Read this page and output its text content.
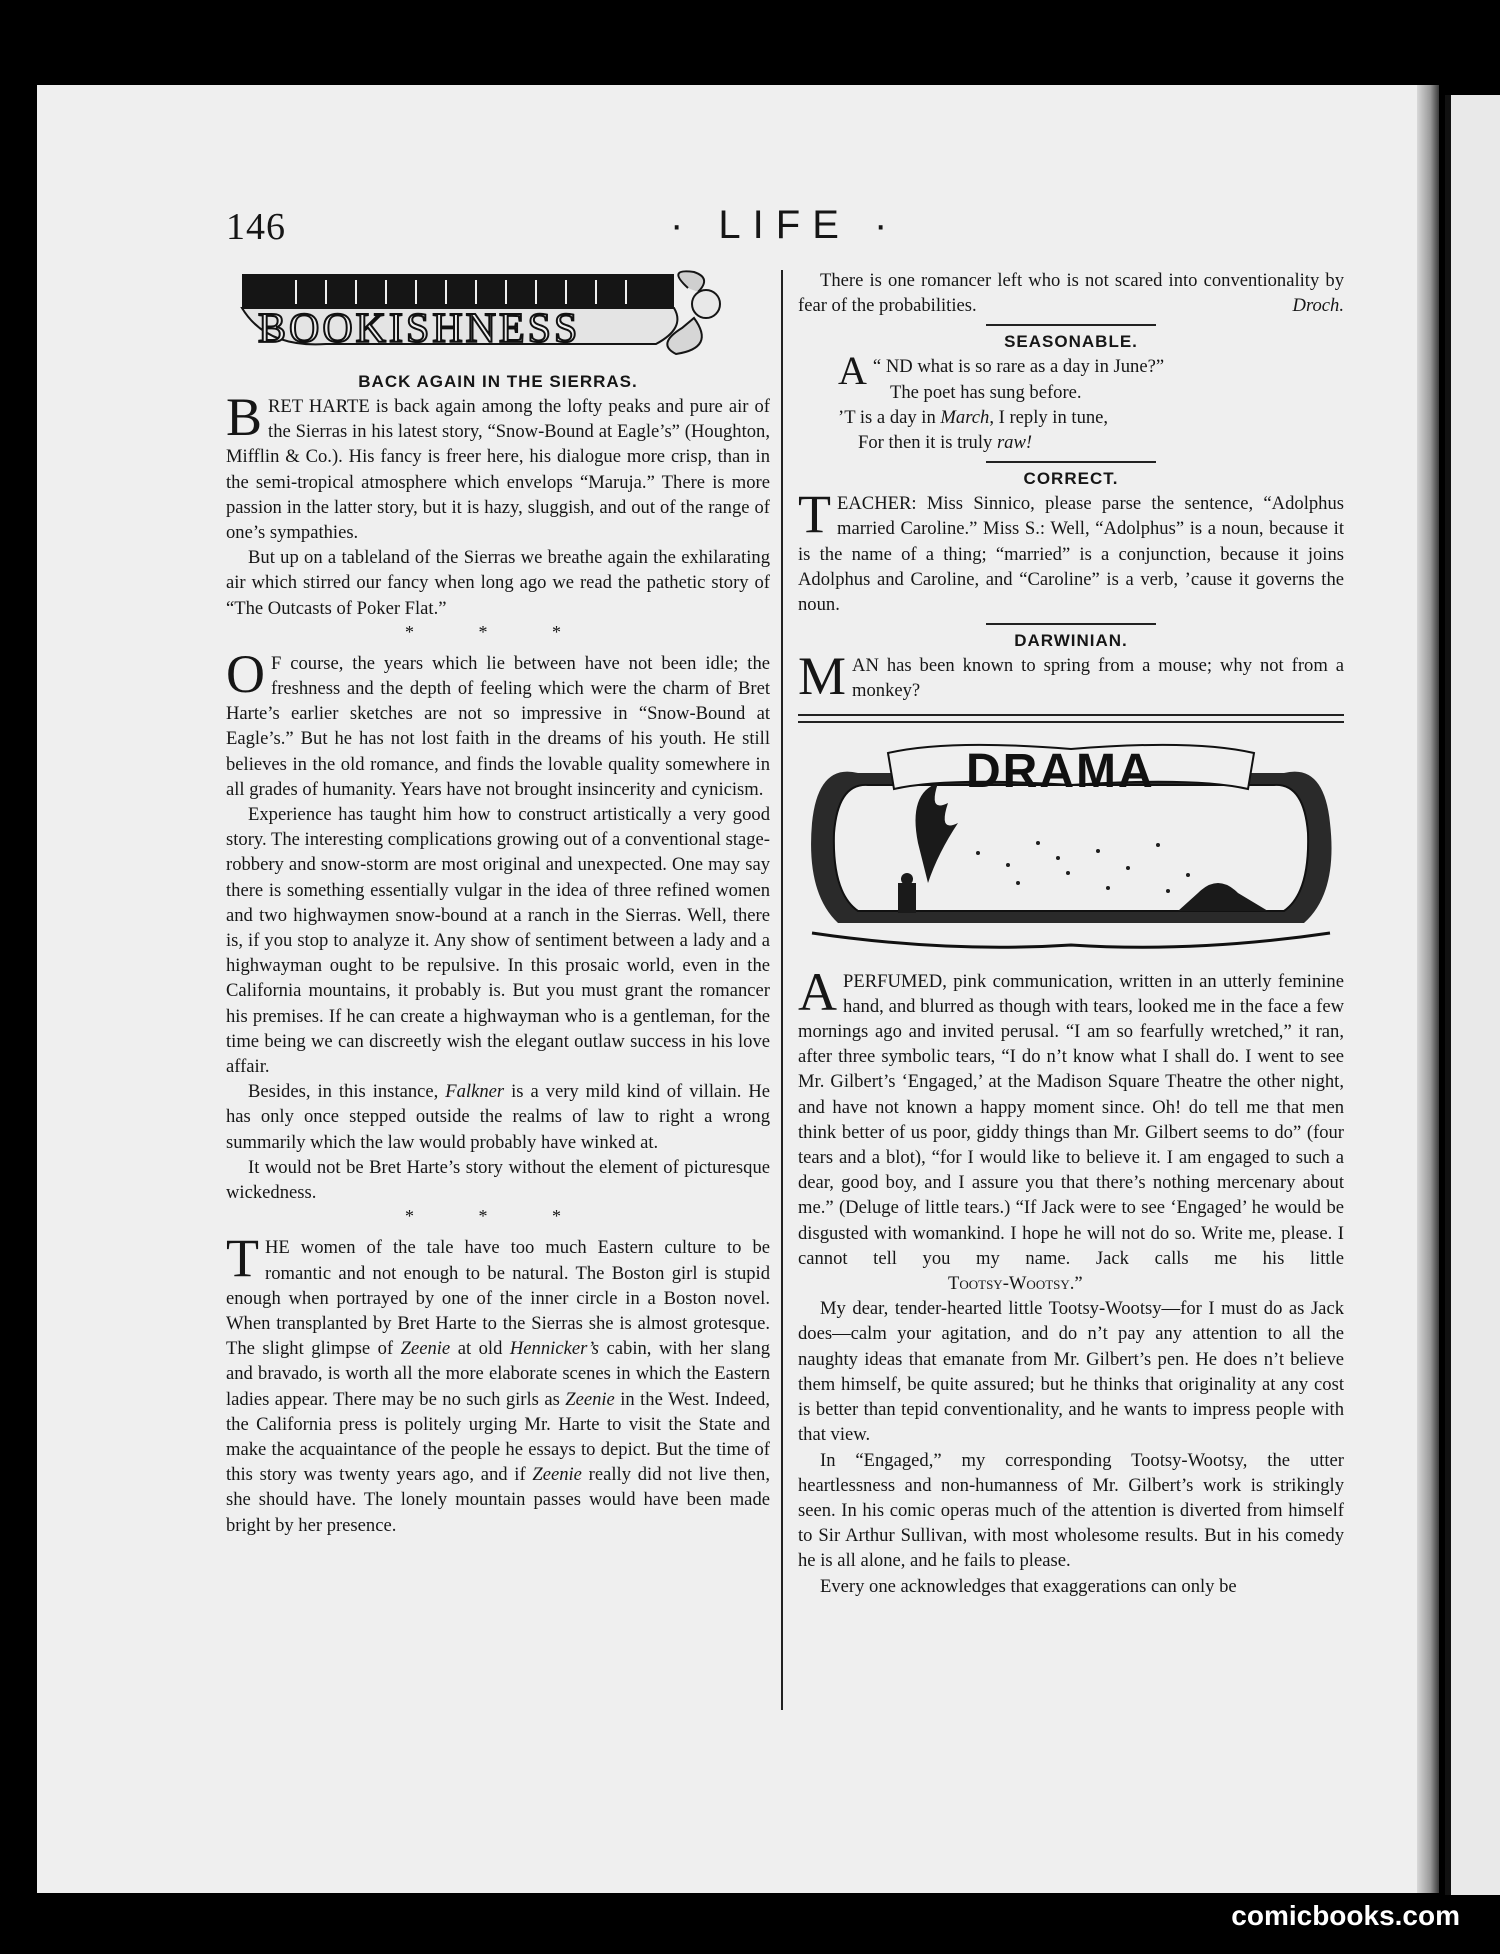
146	· LIFE ·
BOOKISHNESS
BACK AGAIN IN THE SIERRAS.

BRET HARTE is back again among the lofty peaks and pure air of the Sierras in his latest story, “Snow-Bound at Eagle’s” (Houghton, Mifflin & Co.). His fancy is freer here, his dialogue more crisp, than in the semi-tropical atmosphere which envelops “Maruja.” There is more passion in the latter story, but it is hazy, sluggish, and out of the range of one’s sympathies.

But up on a tableland of the Sierras we breathe again the exhilarating air which stirred our fancy when long ago we read the pathetic story of “The Outcasts of Poker Flat.”

* * *

O F course, the years which lie between have not been idle; the freshness and the depth of feeling which were the charm of Bret Harte’s earlier sketches are not so impressive in “Snow-Bound at Eagle’s.” But he has not lost faith in the dreams of his youth. He still believes in the old romance, and finds the lovable quality somewhere in all grades of humanity. Years have not brought insincerity and cynicism.

Experience has taught him how to construct artistically a very good story. The interesting complications growing out of a conventional stage-robbery and snow-storm are most original and unexpected. One may say there is something essentially vulgar in the idea of three refined women and two highwaymen snow-bound at a ranch in the Sierras. Well, there is, if you stop to analyze it. Any show of sentiment between a lady and a highwayman ought to be repulsive. In this prosaic world, even in the California mountains, it probably is. But you must grant the romancer his premises. If he can create a highwayman who is a gentleman, for the time being we can discreetly wish the elegant outlaw success in his love affair.

Besides, in this instance, Falkner is a very mild kind of villain. He has only once stepped outside the realms of law to right a wrong summarily which the law would probably have winked at.

It would not be Bret Harte’s story without the element of picturesque wickedness.

* * *

THE women of the tale have too much Eastern culture to be romantic and not enough to be natural. The Boston girl is stupid enough when portrayed by one of the inner circle in a Boston novel. When transplanted by Bret Harte to the Sierras she is almost grotesque. The slight glimpse of Zeenie at old Hennicker’s cabin, with her slang and bravado, is worth all the more elaborate scenes in which the Eastern ladies appear. There may be no such girls as Zeenie in the West. Indeed, the California press is politely urging Mr. Harte to visit the State and make the acquaintance of the people he essays to depict. But the time of this story was twenty years ago, and if Zeenie really did not live then, she should have. The lonely mountain passes would have been made bright by her presence.

There is one romancer left who is not scared into conventionality by fear of the probabilities.	Droch.

SEASONABLE.
“
A ND what is so rare as a day in June?”
The poet has sung before.
’T is a day in March, I reply in tune,
For then it is truly raw!
CORRECT.

TEACHER: Miss Sinnico, please parse the sentence, “Adolphus married Caroline.” Miss S.: Well, “Adolphus” is a noun, because it is the name of a thing; “married” is a conjunction, because it joins Adolphus and Caroline, and “Caroline” is a verb, ’cause it governs the noun.

DARWINIAN.

MAN has been known to spring from a mouse; why not from a monkey?

DRAMA

APERFUMED, pink communication, written in an utterly feminine hand, and blurred as though with tears, looked me in the face a few mornings ago and invited perusal. “I am so fearfully wretched,” it ran, after three symbolic tears, “I do n’t know what I shall do. I went to see Mr. Gilbert’s ‘Engaged,’ at the Madison Square Theatre the other night, and have not known a happy moment since. Oh! do tell me that men think better of us poor, giddy things than Mr. Gilbert seems to do” (four tears and a blot), “for I would like to believe it. I am engaged to such a dear, good boy, and I assure you that there’s nothing mercenary about me.” (Deluge of little tears.) “If Jack were to see ‘Engaged’ he would be disgusted with womankind. I hope he will not do so. Write me, please. I cannot tell you my name. Jack calls me his little Tootsy-Wootsy.”

My dear, tender-hearted little Tootsy-Wootsy—for I must do as Jack does—calm your agitation, and do n’t pay any attention to all the naughty ideas that emanate from Mr. Gilbert’s pen. He does n’t believe them himself, be quite assured; but he thinks that originality at any cost is better than tepid conventionality, and he wants to impress people with that view.

In “Engaged,” my corresponding Tootsy-Wootsy, the utter heartlessness and non-humanness of Mr. Gilbert’s work is strikingly seen. In his comic operas much of the attention is diverted from himself to Sir Arthur Sullivan, with most wholesome results. But in his comedy he is all alone, and he fails to please.

Every one acknowledges that exaggerations can only be

comicbooks.com
